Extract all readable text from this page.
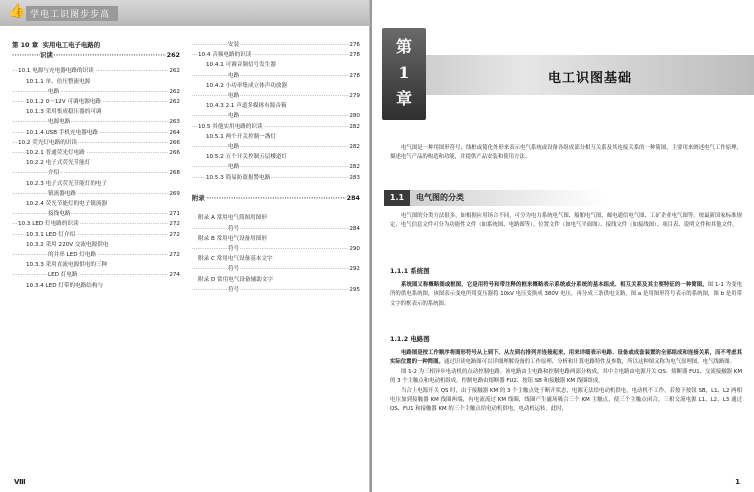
👍 学电工识图步步高
第 10 章 实用电工电子电路的
识读	262
·····
10.1 电源与充电器电路的识读	262
·····
10.1.1 单、倍压整流电源
电路	262
·····
10.1.2 0～12V 可调电源电路	262
·····
10.1.3 采用集成稳压器的可调
电源电路	263
·····
10.1.4 USB 手机充电器电路	264
·····
10.2 荧光灯电路的识读	266
·····
10.2.1 普通荧光灯电路	266
·····
10.2.2 电子式荧光节能灯
介绍	268
·····
10.2.3 电子式荧光节能灯的电子
镇流器电路	269
·····
10.2.4 荧光节能灯的电子镇流器
接线电路	271
·····
10.3 LED 灯电路的识读	272
·····
10.3.1 LED 灯介绍	272
·····
10.3.2 采用 220V 交流电源供电
的并串 LED 灯电路	272
·····
10.3.3 采用直流电源供电的三种
LED 灯电路	274
·····
10.3.4 LED 灯带的电路结构与
安装	276
·····
10.4 音频电路的识读	278
·····
10.4.1 可调音频信号发生器
电路	278
·····
10.4.2 小功率集成立体声功放器
电路	279
·····
10.4.3 2.1 声道多媒体有源音箱
电路	280
·····
10.5 其他实用电路的识读	282
·····
10.5.1 两个开关控制一盏灯
电路	282
·····
10.5.2 五个开关控制五层楼道灯
电路	282
·····
10.5.3 简易防盗报警电路	283
·····

附录	284
·····

附录 A 常用电气简图用图形
符号	284
·····
附录 B 常用电气设备用图形
符号	290
·····
附录 C 常用电气设备基本文字
符号	292
·····
附录 D 常用电气设备辅助文字
符号	295
·····
Ⅷ
电工识图基础
第
1
章

电气图是一种用图形符号、线框或简化外形来表示电气系统或设备各组成部分相互关系及其连接关系的一种简图，主要用来阐述电气工作原理，描述电气产品的构造和功能，并提供产品安装和使用方法。

1.1	电气图的分类

电气图的分类方法很多，如根据应用场合不同，可分为电力系统电气图、船舶电气图、邮电通信电气图、工矿企业电气图等。按最新国家标准规定，电气信息文件可分为功能性文件（如系统图、电路图等）、位置文件（如电气平面图）、接线文件（如接线图）、项目表、说明文件和其他文件。

1.1.1 系统图

系统图又称概略图或框图，它是用符号和带注释的框来概略表示系统或分系统的基本组成、相互关系及其主要特征的一种简图。图 1-1 为变电所的供电系统图，该图表示变电所用变压器将 10kV 电压变换成 380V 电压，再分成三条供电支路，图 a 是用图形符号表示的系统图，图 b 是用带文字的框表示的系统图。

1.1.2 电路图

电路图是按工作顺序将图形符号从上到下、从左到右排列并连接起来，用来详细表示电路、设备或成套装置的全部组成和连接关系，而不考虑其实际位置的一种简图。通过识读电路图可以详细理解设备的工作原理、分析和计算电路特性及参数，所以这种图又称为电气原理图、电气线路图。

图 1-2 为三相异步电动机的点动控制电路。该电路由主电路和控制电路两部分构成，其中主电路由电源开关 QS、熔断器 FU1、交流接触器 KM 的 3 个主触点和电动机组成，控制电路由熔断器 FU2、按钮 SB 和接触器 KM 线圈组成。

当合上电源开关 QS 时，由于接触器 KM 的 3 个主触点处于断开状态，电源无法给电动机供电，电动机不工作。若按下按钮 SB，L1、L2 两相电压加到接触器 KM 线圈两端，有电流流过 KM 线圈，线圈产生磁场吸合三个 KM 主触点，使三个主触点闭合，三相交流电源 L1、L2、L3 通过 QS、FU1 和接触器 KM 的三个主触点给电动机供电，电动机运转。此时，

1
